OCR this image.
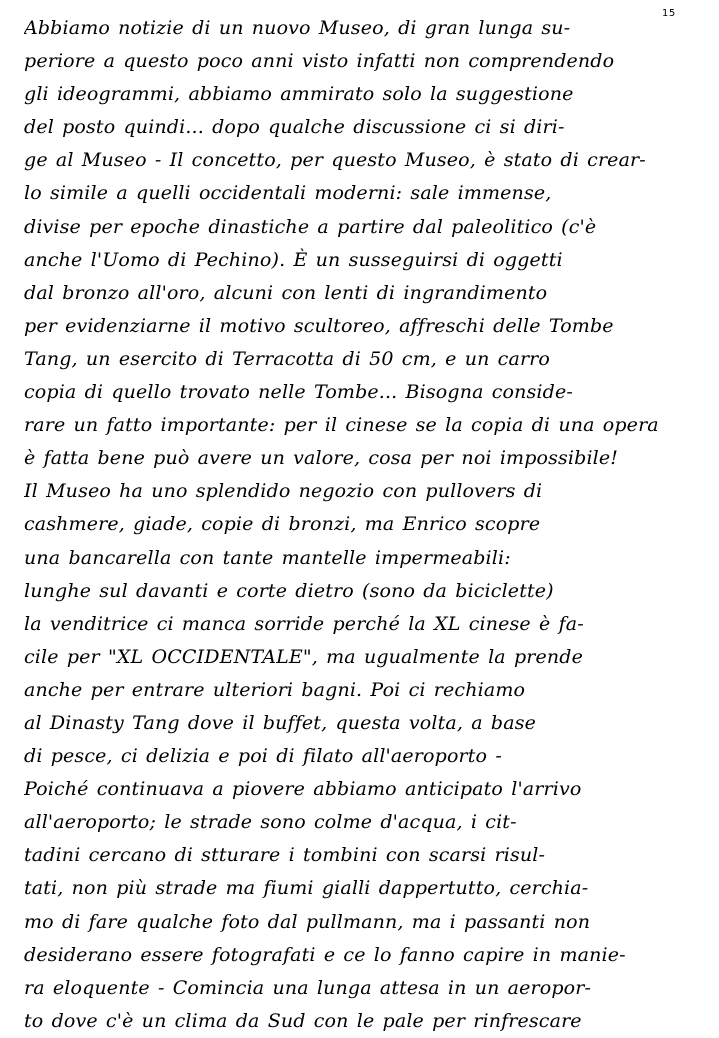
15
Abbiamo notizie di un nuovo Museo, di gran lunga su-
periore a questo poco anni visto infatti non comprendendo
gli ideogrammi, abbiamo ammirato solo la suggestione
del posto quindi... dopo qualche discussione ci si diri-
ge al Museo - Il concetto, per questo Museo, è stato di crear-
lo simile a quelli occidentali moderni: sale immense,
divise per epoche dinastiche a partire dal paleolitico (c'è
anche l'Uomo di Pechino). È un susseguirsi di oggetti
dal bronzo all'oro, alcuni con lenti di ingrandimento
per evidenziarne il motivo scultoreo, affreschi delle Tombe
Tang, un esercito di Terracotta di 50 cm, e un carro
copia di quello trovato nelle Tombe... Bisogna conside-
rare un fatto importante: per il cinese se la copia di una opera
è fatta bene può avere un valore, cosa per noi impossibile!
Il Museo ha uno splendido negozio con pullovers di
cashmere, giade, copie di bronzi, ma Enrico scopre
una bancarella con tante mantelle impermeabili:
lunghe sul davanti e corte dietro (sono da biciclette)
la venditrice ci manca sorride perché la XL cinese è fa-
cile per "XL OCCIDENTALE", ma ugualmente la prende
anche per entrare ulteriori bagni. Poi ci rechiamo
al Dinasty Tang dove il buffet, questa volta, a base
di pesce, ci delizia e poi di filato all'aeroporto -
Poiché continuava a piovere abbiamo anticipato l'arrivo
all'aeroporto; le strade sono colme d'acqua, i cit-
tadini cercano di stturare i tombini con scarsi risul-
tati, non più strade ma fiumi gialli dappertutto, cerchia-
mo di fare qualche foto dal pullmann, ma i passanti non
desiderano essere fotografati e ce lo fanno capire in manie-
ra eloquente - Comincia una lunga attesa in un aeropor-
to dove c'è un clima da Sud con le pale per rinfrescare
